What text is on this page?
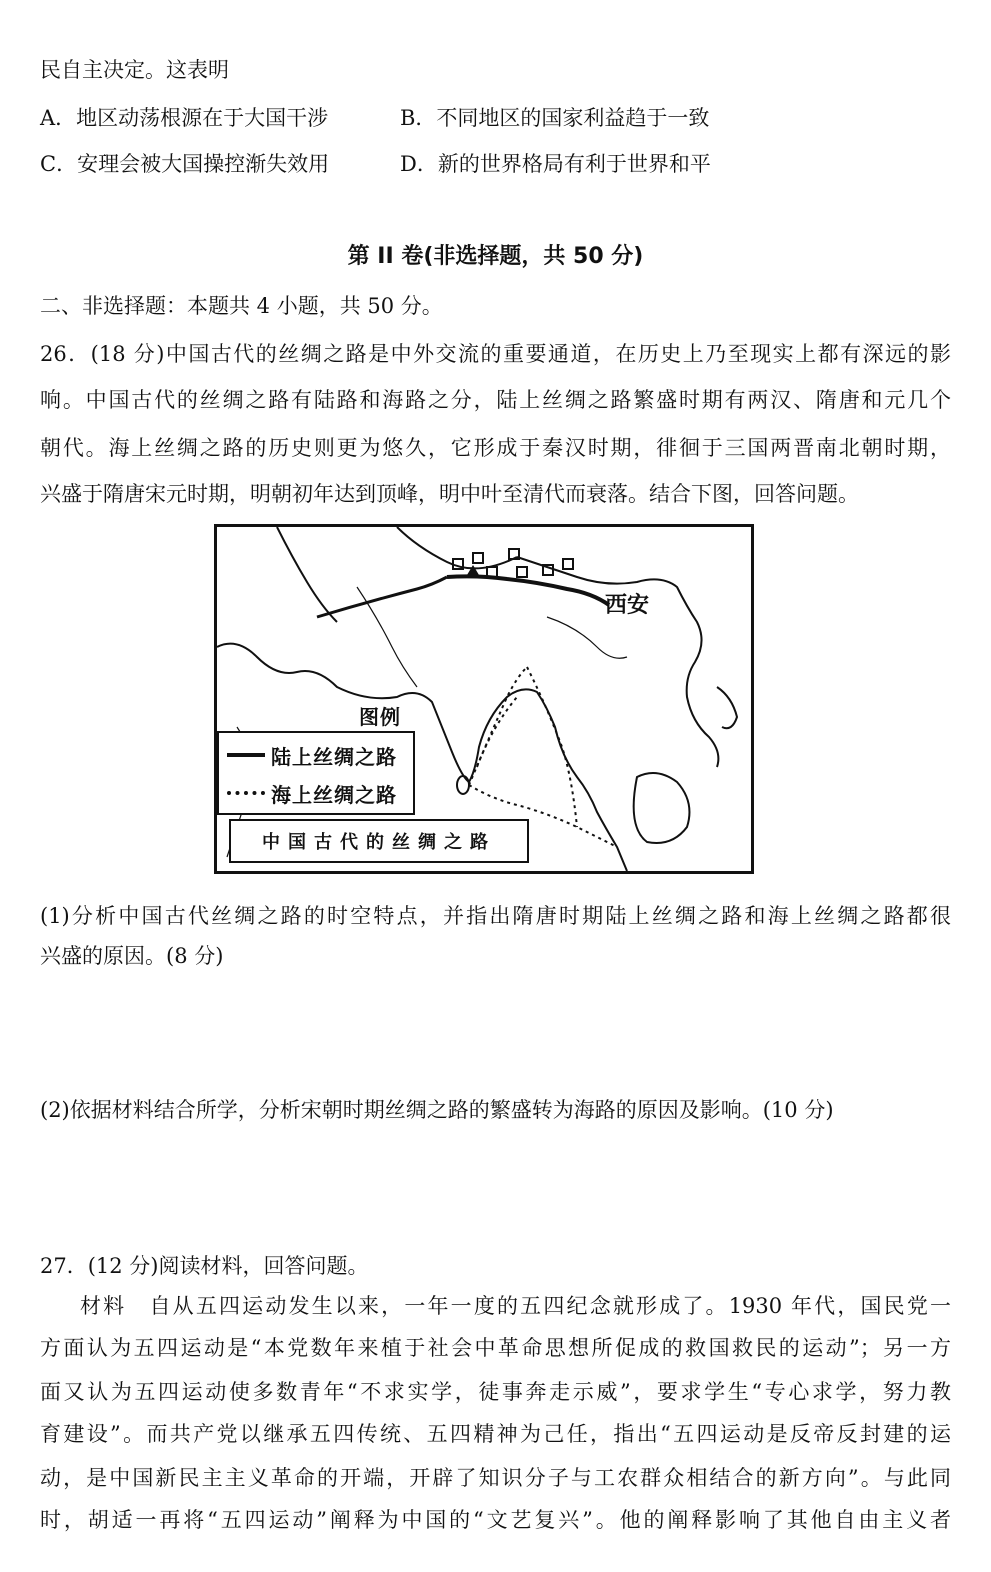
民自主决定。这表明
A．地区动荡根源在于大国干涉	B．不同地区的国家利益趋于一致
C．安理会被大国操控渐失效用	D．新的世界格局有利于世界和平
第 II 卷(非选择题，共 50 分)
二、非选择题：本题共 4 小题，共 50 分。
26．(18 分)中国古代的丝绸之路是中外交流的重要通道，在历史上乃至现实上都有深远的影
响。中国古代的丝绸之路有陆路和海路之分，陆上丝绸之路繁盛时期有两汉、隋唐和元几个
朝代。海上丝绸之路的历史则更为悠久，它形成于秦汉时期，徘徊于三国两晋南北朝时期，
兴盛于隋唐宋元时期，明朝初年达到顶峰，明中叶至清代而衰落。结合下图，回答问题。
西安
图例
陆上丝绸之路
海上丝绸之路
中国古代的丝绸之路
(1)分析中国古代丝绸之路的时空特点，并指出隋唐时期陆上丝绸之路和海上丝绸之路都很
兴盛的原因。(8 分)
(2)依据材料结合所学，分析宋朝时期丝绸之路的繁盛转为海路的原因及影响。(10 分)
27．(12 分)阅读材料，回答问题。
材料　自从五四运动发生以来，一年一度的五四纪念就形成了。1930 年代，国民党一
方面认为五四运动是“本党数年来植于社会中革命思想所促成的救国救民的运动”；另一方
面又认为五四运动使多数青年“不求实学，徒事奔走示威”，要求学生“专心求学，努力教
育建设”。而共产党以继承五四传统、五四精神为己任，指出“五四运动是反帝反封建的运
动，是中国新民主主义革命的开端，开辟了知识分子与工农群众相结合的新方向”。与此同
时，胡适一再将“五四运动”阐释为中国的“文艺复兴”。他的阐释影响了其他自由主义者
